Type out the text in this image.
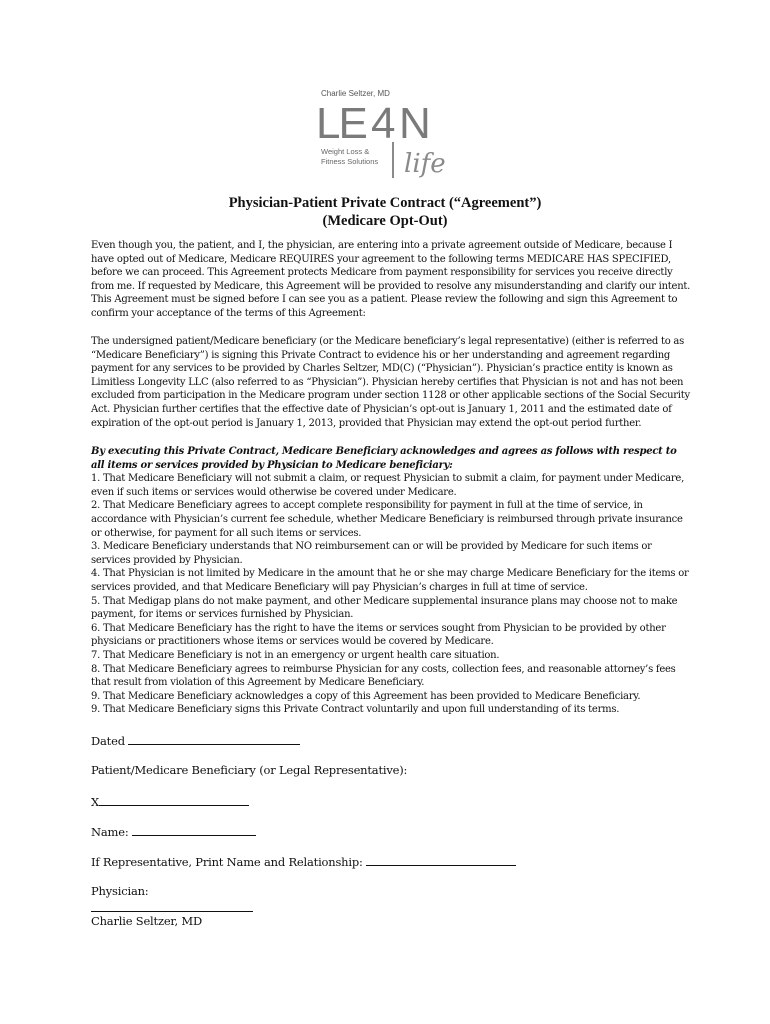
Charlie Seltzer, MD
LE 4 N
Weight Loss &
Fitness Solutions life
Physician-Patient Private Contract (“Agreement”)
(Medicare Opt-Out)
Even though you, the patient, and I, the physician, are entering into a private agreement outside of Medicare, because I have opted out of Medicare, Medicare REQUIRES your agreement to the following terms MEDICARE HAS SPECIFIED, before we can proceed. This Agreement protects Medicare from payment responsibility for services you receive directly from me. If requested by Medicare, this Agreement will be provided to resolve any misunderstanding and clarify our intent. This Agreement must be signed before I can see you as a patient. Please review the following and sign this Agreement to confirm your acceptance of the terms of this Agreement:
The undersigned patient/Medicare beneficiary (or the Medicare beneficiary’s legal representative) (either is referred to as “Medicare Beneficiary”) is signing this Private Contract to evidence his or her understanding and agreement regarding payment for any services to be provided by Charles Seltzer, MD(C) (“Physician”). Physician’s practice entity is known as Limitless Longevity LLC (also referred to as “Physician”). Physician hereby certifies that Physician is not and has not been excluded from participation in the Medicare program under section 1128 or other applicable sections of the Social Security Act. Physician further certifies that the effective date of Physician’s opt-out is January 1, 2011 and the estimated date of expiration of the opt-out period is January 1, 2013, provided that Physician may extend the opt-out period further.
By executing this Private Contract, Medicare Beneficiary acknowledges and agrees as follows with respect to all items or services provided by Physician to Medicare beneficiary:
1. That Medicare Beneficiary will not submit a claim, or request Physician to submit a claim, for payment under Medicare, even if such items or services would otherwise be covered under Medicare.
2. That Medicare Beneficiary agrees to accept complete responsibility for payment in full at the time of service, in accordance with Physician’s current fee schedule, whether Medicare Beneficiary is reimbursed through private insurance or otherwise, for payment for all such items or services.
3. Medicare Beneficiary understands that NO reimbursement can or will be provided by Medicare for such items or services provided by Physician.
4. That Physician is not limited by Medicare in the amount that he or she may charge Medicare Beneficiary for the items or services provided, and that Medicare Beneficiary will pay Physician’s charges in full at time of service.
5. That Medigap plans do not make payment, and other Medicare supplemental insurance plans may choose not to make payment, for items or services furnished by Physician.
6. That Medicare Beneficiary has the right to have the items or services sought from Physician to be provided by other physicians or practitioners whose items or services would be covered by Medicare.
7. That Medicare Beneficiary is not in an emergency or urgent health care situation.
8. That Medicare Beneficiary agrees to reimburse Physician for any costs, collection fees, and reasonable attorney’s fees that result from violation of this Agreement by Medicare Beneficiary.
9. That Medicare Beneficiary acknowledges a copy of this Agreement has been provided to Medicare Beneficiary.
9. That Medicare Beneficiary signs this Private Contract voluntarily and upon full understanding of its terms.
Dated
Patient/Medicare Beneficiary (or Legal Representative):
X
Name:
If Representative, Print Name and Relationship:
Physician:
Charlie Seltzer, MD
